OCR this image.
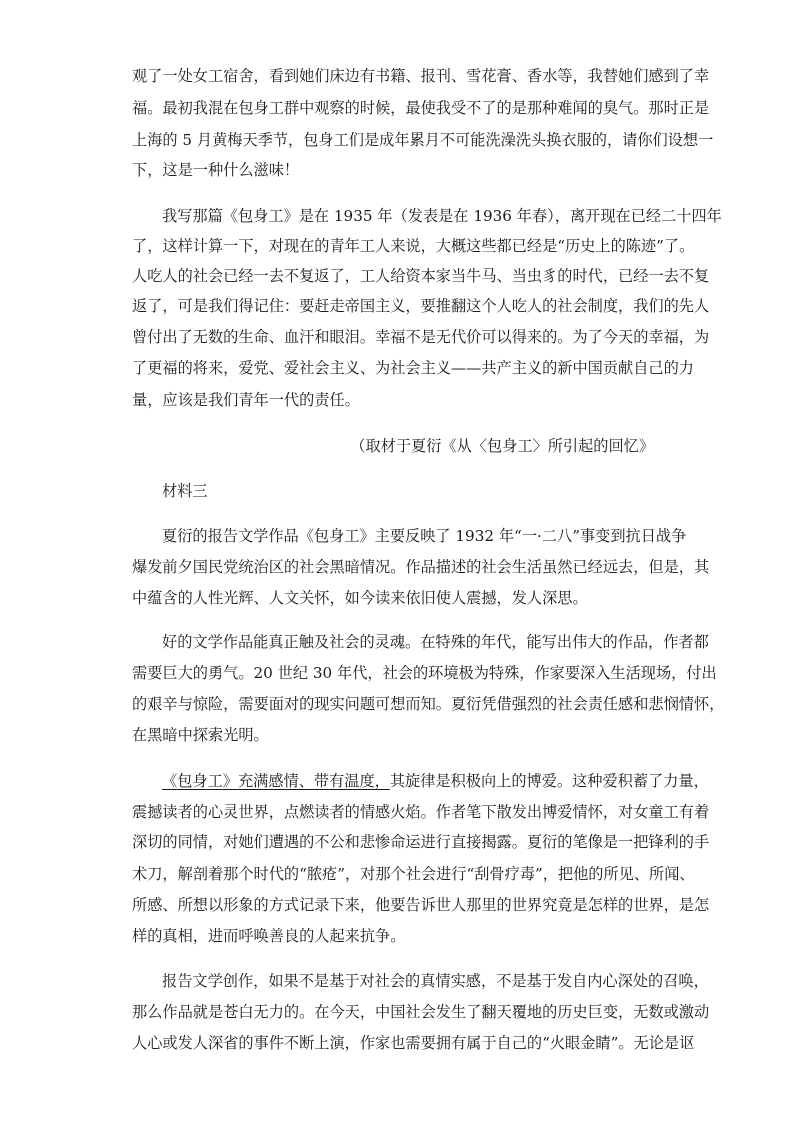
观了一处女工宿舍，看到她们床边有书籍、报刊、雪花膏、香水等，我替她们感到了幸
福。最初我混在包身工群中观察的时候，最使我受不了的是那种难闻的臭气。那时正是
上海的 5 月黄梅天季节，包身工们是成年累月不可能洗澡洗头换衣服的，请你们设想一
下，这是一种什么滋味！
我写那篇《包身工》是在 1935 年（发表是在 1936 年春），离开现在已经二十四年
了，这样计算一下，对现在的青年工人来说，大概这些都已经是“历史上的陈迹”了。
人吃人的社会已经一去不复返了，工人给资本家当牛马、当虫豸的时代，已经一去不复
返了，可是我们得记住：要赶走帝国主义，要推翻这个人吃人的社会制度，我们的先人
曾付出了无数的生命、血汗和眼泪。幸福不是无代价可以得来的。为了今天的幸福，为
了更福的将来，爱党、爱社会主义、为社会主义——共产主义的新中国贡献自己的力
量，应该是我们青年一代的责任。
（取材于夏衍《从〈包身工〉所引起的回忆》
材料三
夏衍的报告文学作品《包身工》主要反映了 1932 年“一·二八”事变到抗日战争
爆发前夕国民党统治区的社会黑暗情况。作品描述的社会生活虽然已经远去，但是，其
中蕴含的人性光辉、人文关怀，如今读来依旧使人震撼，发人深思。
好的文学作品能真正触及社会的灵魂。在特殊的年代，能写出伟大的作品，作者都
需要巨大的勇气。20 世纪 30 年代，社会的环境极为特殊，作家要深入生活现场，付出
的艰辛与惊险，需要面对的现实问题可想而知。夏衍凭借强烈的社会责任感和悲悯情怀，
在黑暗中探索光明。
《包身工》充满感情、带有温度，其旋律是积极向上的博爱。这种爱积蓄了力量，
震撼读者的心灵世界，点燃读者的情感火焰。作者笔下散发出博爱情怀，对女童工有着
深切的同情，对她们遭遇的不公和悲惨命运进行直接揭露。夏衍的笔像是一把锋利的手
术刀，解剖着那个时代的“脓疮”，对那个社会进行“刮骨疗毒”，把他的所见、所闻、
所感、所想以形象的方式记录下来，他要告诉世人那里的世界究竟是怎样的世界，是怎
样的真相，进而呼唤善良的人起来抗争。
报告文学创作，如果不是基于对社会的真情实感，不是基于发自内心深处的召唤，
那么作品就是苍白无力的。在今天，中国社会发生了翻天覆地的历史巨变，无数或激动
人心或发人深省的事件不断上演，作家也需要拥有属于自己的“火眼金睛”。无论是讴
